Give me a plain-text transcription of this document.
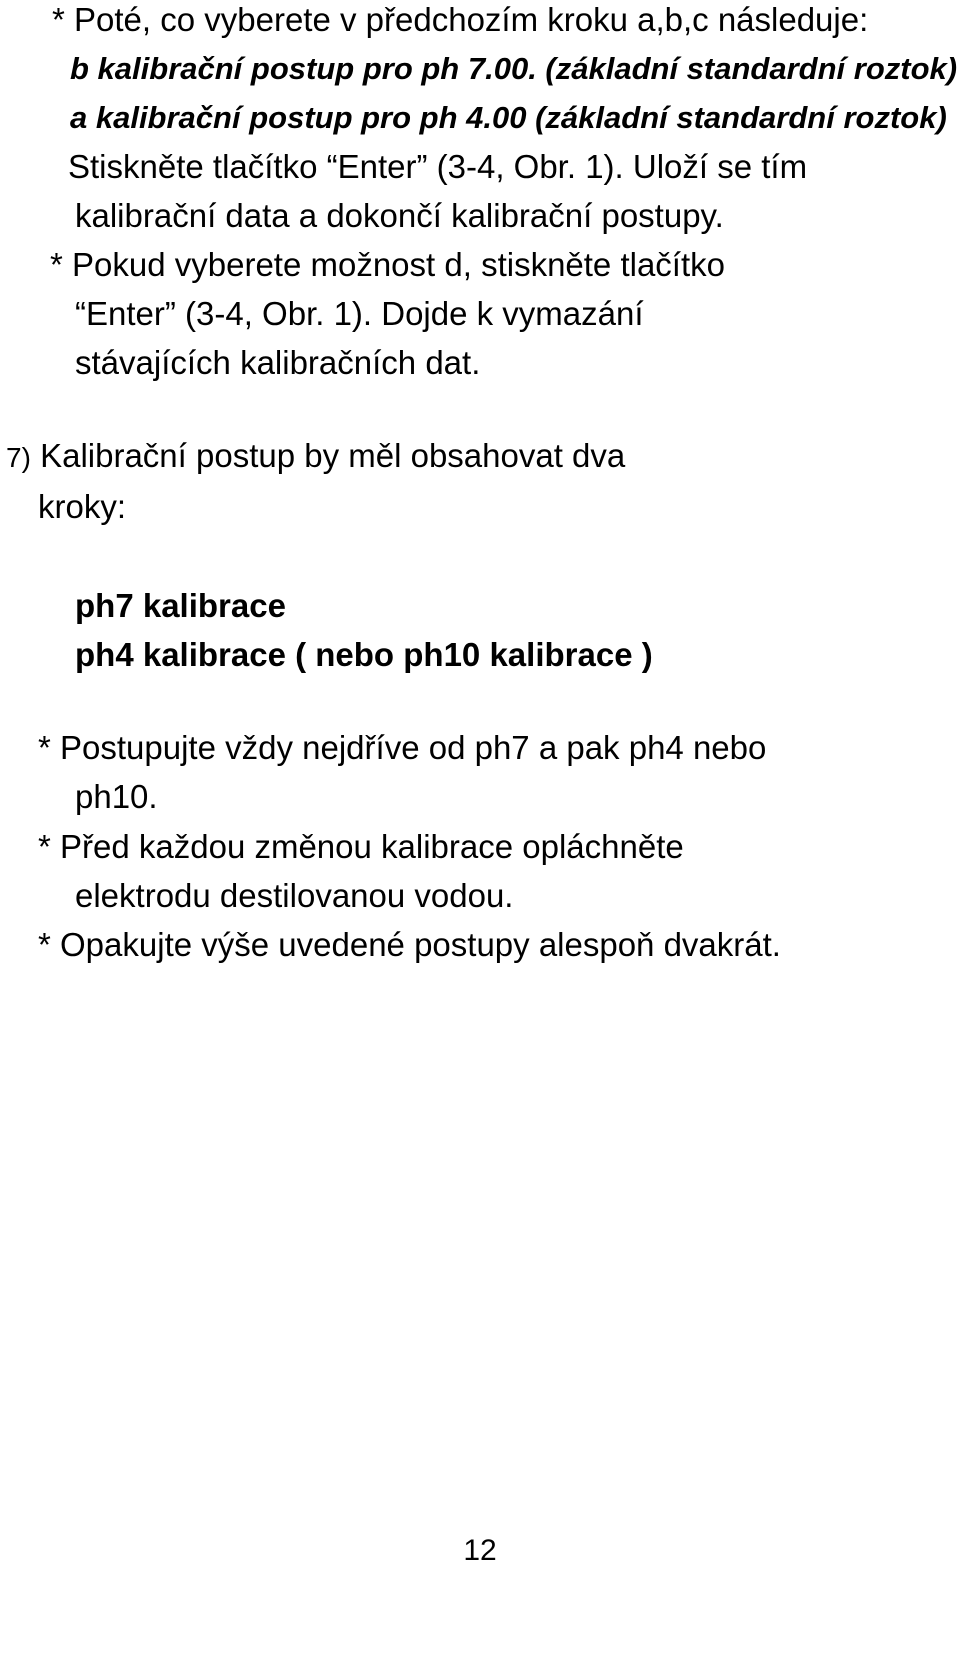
* Poté, co vyberete v předchozím kroku a,b,c následuje:
b kalibrační postup pro ph 7.00. (základní standardní roztok)
a kalibrační postup pro ph 4.00 (základní standardní roztok)
Stiskněte tlačítko “Enter” (3-4, Obr. 1). Uloží se tím
kalibrační data a dokončí kalibrační postupy.
* Pokud vyberete možnost d, stiskněte tlačítko
“Enter” (3-4, Obr. 1). Dojde k vymazání
stávajících kalibračních dat.
7) Kalibrační postup by měl obsahovat dva
kroky:
ph7 kalibrace
ph4 kalibrace ( nebo ph10 kalibrace )
* Postupujte vždy nejdříve od ph7 a pak ph4 nebo
ph10.
* Před každou změnou kalibrace opláchněte
elektrodu destilovanou vodou.
* Opakujte výše uvedené postupy alespoň dvakrát.
12
